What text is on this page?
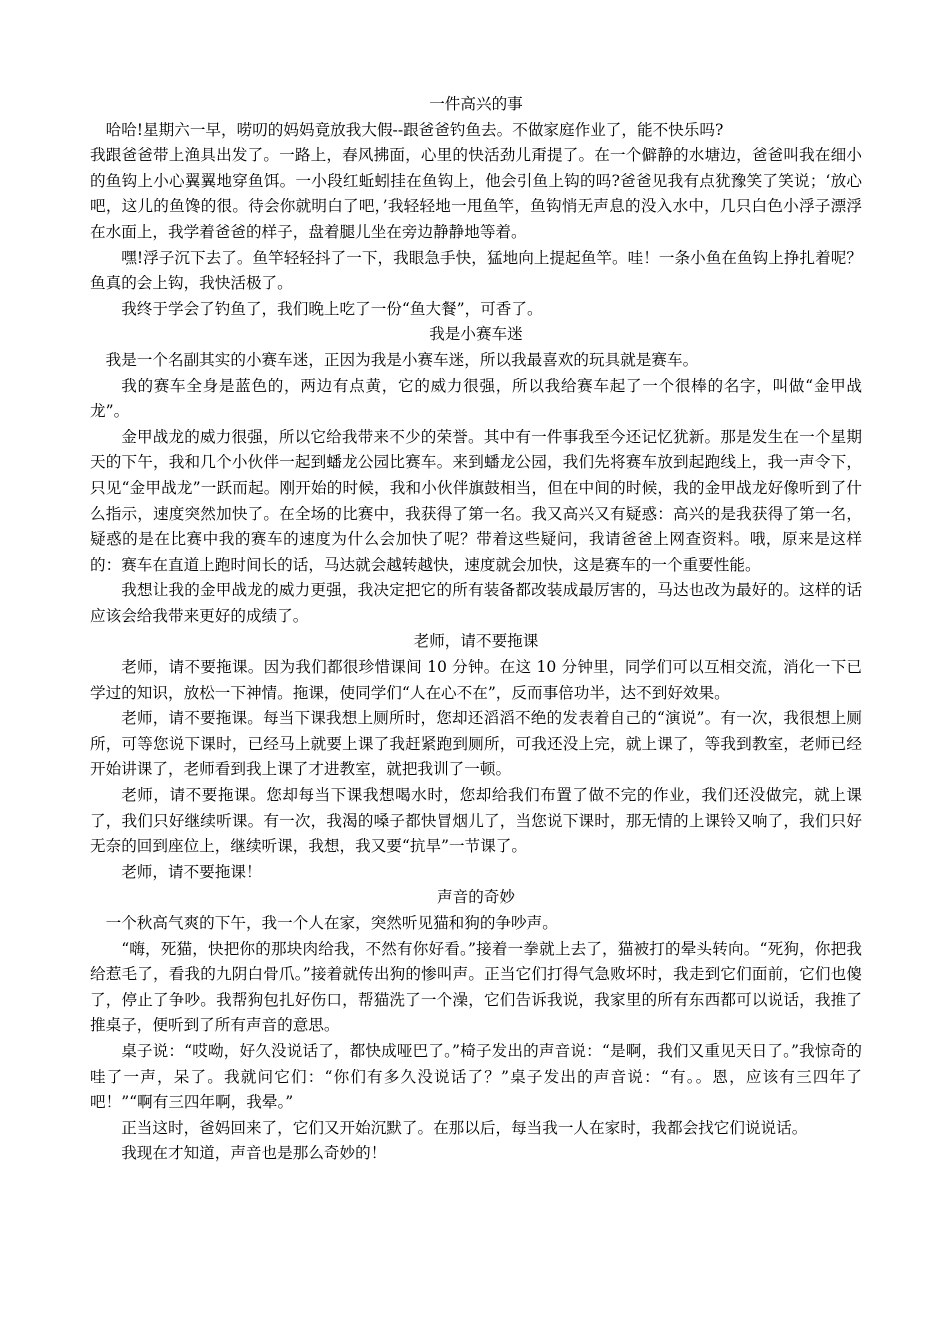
一件高兴的事

哈哈!星期六一早，唠叨的妈妈竟放我大假--跟爸爸钓鱼去。不做家庭作业了，能不快乐吗?

我跟爸爸带上渔具出发了。一路上，春风拂面，心里的快活劲儿甭提了。在一个僻静的水塘边，爸爸叫我在细小的鱼钩上小心翼翼地穿鱼饵。一小段红蚯蚓挂在鱼钩上，他会引鱼上钩的吗?爸爸见我有点犹豫笑了笑说；‘放心吧，这儿的鱼馋的很。待会你就明白了吧，’我轻轻地一甩鱼竿，鱼钩悄无声息的没入水中，几只白色小浮子漂浮在水面上，我学着爸爸的样子，盘着腿儿坐在旁边静静地等着。

嘿!浮子沉下去了。鱼竿轻轻抖了一下，我眼急手快，猛地向上提起鱼竿。哇！一条小鱼在鱼钩上挣扎着呢？鱼真的会上钩，我快活极了。

我终于学会了钓鱼了，我们晚上吃了一份“鱼大餐”，可香了。

我是小赛车迷

我是一个名副其实的小赛车迷，正因为我是小赛车迷，所以我最喜欢的玩具就是赛车。

我的赛车全身是蓝色的，两边有点黄，它的威力很强，所以我给赛车起了一个很棒的名字，叫做“金甲战龙”。

金甲战龙的威力很强，所以它给我带来不少的荣誉。其中有一件事我至今还记忆犹新。那是发生在一个星期天的下午，我和几个小伙伴一起到蟠龙公园比赛车。来到蟠龙公园，我们先将赛车放到起跑线上，我一声令下，只见“金甲战龙”一跃而起。刚开始的时候，我和小伙伴旗鼓相当，但在中间的时候，我的金甲战龙好像听到了什么指示，速度突然加快了。在全场的比赛中，我获得了第一名。我又高兴又有疑惑：高兴的是我获得了第一名，疑惑的是在比赛中我的赛车的速度为什么会加快了呢？带着这些疑问，我请爸爸上网查资料。哦，原来是这样的：赛车在直道上跑时间长的话，马达就会越转越快，速度就会加快，这是赛车的一个重要性能。

我想让我的金甲战龙的威力更强，我决定把它的所有装备都改装成最厉害的，马达也改为最好的。这样的话应该会给我带来更好的成绩了。

老师，请不要拖课

老师，请不要拖课。因为我们都很珍惜课间 10 分钟。在这 10 分钟里，同学们可以互相交流，消化一下已学过的知识，放松一下神情。拖课，使同学们“人在心不在”，反而事倍功半，达不到好效果。

老师，请不要拖课。每当下课我想上厕所时，您却还滔滔不绝的发表着自己的“演说”。有一次，我很想上厕所，可等您说下课时，已经马上就要上课了我赶紧跑到厕所，可我还没上完，就上课了，等我到教室，老师已经开始讲课了，老师看到我上课了才进教室，就把我训了一顿。

老师，请不要拖课。您却每当下课我想喝水时，您却给我们布置了做不完的作业，我们还没做完，就上课了，我们只好继续听课。有一次，我渴的嗓子都快冒烟儿了，当您说下课时，那无情的上课铃又响了，我们只好无奈的回到座位上，继续听课，我想，我又要“抗旱”一节课了。

老师，请不要拖课！

声音的奇妙

一个秋高气爽的下午，我一个人在家，突然听见猫和狗的争吵声。

“嗨，死猫，快把你的那块肉给我，不然有你好看。”接着一拳就上去了，猫被打的晕头转向。“死狗，你把我给惹毛了，看我的九阴白骨爪。”接着就传出狗的惨叫声。正当它们打得气急败坏时，我走到它们面前，它们也傻了，停止了争吵。我帮狗包扎好伤口，帮猫洗了一个澡，它们告诉我说，我家里的所有东西都可以说话，我推了推桌子，便听到了所有声音的意思。

桌子说：“哎呦，好久没说话了，都快成哑巴了。”椅子发出的声音说：“是啊，我们又重见天日了。”我惊奇的哇了一声，呆了。我就问它们：“你们有多久没说话了？”桌子发出的声音说：“有。。恩，应该有三四年了吧！”“啊有三四年啊，我晕。”

正当这时，爸妈回来了，它们又开始沉默了。在那以后，每当我一人在家时，我都会找它们说说话。

我现在才知道，声音也是那么奇妙的！
